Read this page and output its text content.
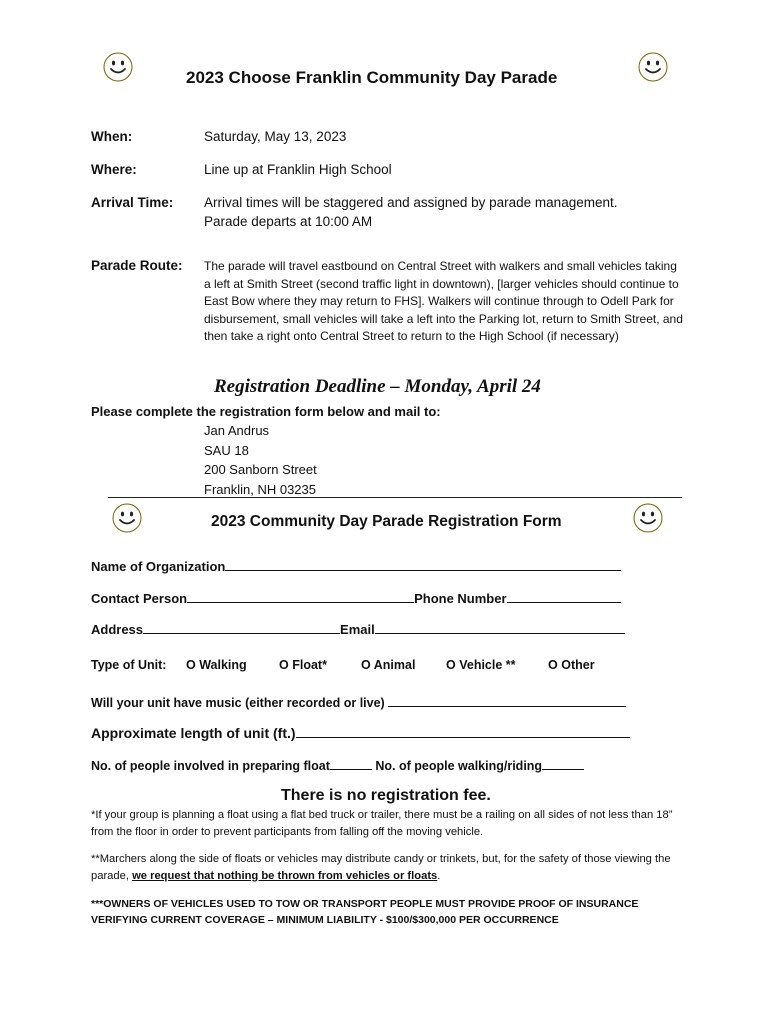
2023 Choose Franklin Community Day Parade
When:	Saturday, May 13, 2023
Where:	Line up at Franklin High School
Arrival Time: Arrival times will be staggered and assigned by parade management.
Parade departs at 10:00 AM
Parade Route: The parade will travel eastbound on Central Street with walkers and small vehicles taking a left at Smith Street (second traffic light in downtown), [larger vehicles should continue to East Bow where they may return to FHS]. Walkers will continue through to Odell Park for disbursement, small vehicles will take a left into the Parking lot, return to Smith Street, and then take a right onto Central Street to return to the High School (if necessary)
Registration Deadline – Monday, April 24
Please complete the registration form below and mail to:
Jan Andrus
SAU 18
200 Sanborn Street
Franklin, NH 03235
2023 Community Day Parade Registration Form
Name of Organization
Contact Person	Phone Number
Address	Email
Type of Unit: O Walking	O Float*	O Animal O Vehicle **	O Other
Will your unit have music (either recorded or live)
Approximate length of unit (ft.)
No. of people involved in preparing float	No. of people walking/riding
There is no registration fee.
*If your group is planning a float using a flat bed truck or trailer, there must be a railing on all sides of not less than 18” from the floor in order to prevent participants from falling off the moving vehicle.
**Marchers along the side of floats or vehicles may distribute candy or trinkets, but, for the safety of those viewing the parade, we request that nothing be thrown from vehicles or floats.
***OWNERS OF VEHICLES USED TO TOW OR TRANSPORT PEOPLE MUST PROVIDE PROOF OF INSURANCE
VERIFYING CURRENT COVERAGE – MINIMUM LIABILITY - $100/$300,000 PER OCCURRENCE
